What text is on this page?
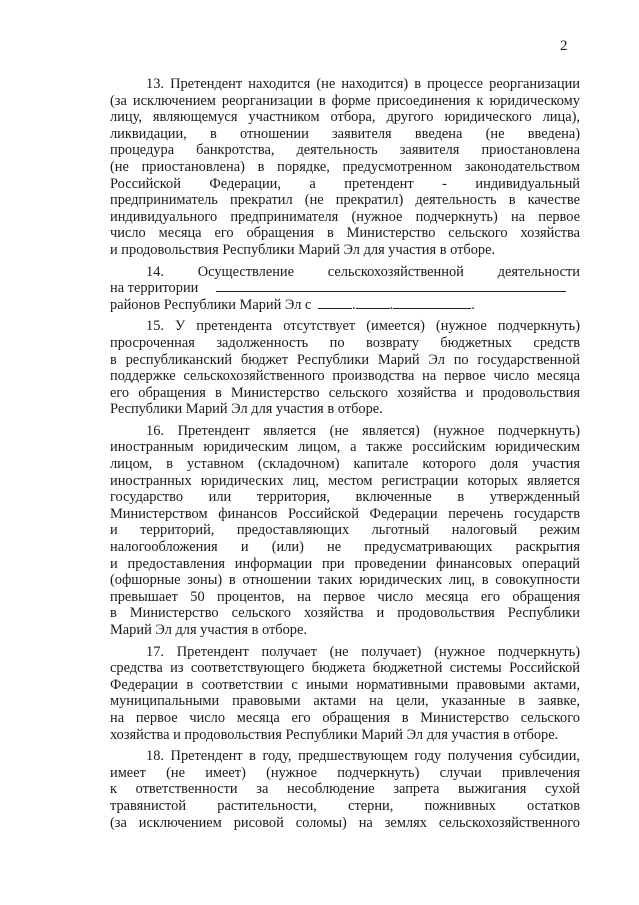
2
13. Претендент находится (не находится) в процессе реорганизации
(за исключением реорганизации в форме присоединения к юридическому
лицу, являющемуся участником отбора, другого юридического лица),
ликвидации, в отношении заявителя введена (не введена)
процедура банкротства, деятельность заявителя приостановлена
(не приостановлена) в порядке, предусмотренном законодательством
Российской Федерации, а претендент - индивидуальный
предприниматель прекратил (не прекратил) деятельность в качестве
индивидуального предпринимателя (нужное подчеркнуть) на первое
число месяца его обращения в Министерство сельского хозяйства
и продовольствия Республики Марий Эл для участия в отборе.
14. Осуществление сельскохозяйственной деятельности
на территории
районов Республики Марий Эл с	. .	.
15. У претендента отсутствует (имеется) (нужное подчеркнуть)
просроченная задолженность по возврату бюджетных средств
в республиканский бюджет Республики Марий Эл по государственной
поддержке сельскохозяйственного производства на первое число месяца
его обращения в Министерство сельского хозяйства и продовольствия
Республики Марий Эл для участия в отборе.
16. Претендент является (не является) (нужное подчеркнуть)
иностранным юридическим лицом, а также российским юридическим
лицом, в уставном (складочном) капитале которого доля участия
иностранных юридических лиц, местом регистрации которых является
государство или территория, включенные в утвержденный
Министерством финансов Российской Федерации перечень государств
и территорий, предоставляющих льготный налоговый режим
налогообложения и (или) не предусматривающих раскрытия
и предоставления информации при проведении финансовых операций
(офшорные зоны) в отношении таких юридических лиц, в совокупности
превышает 50 процентов, на первое число месяца его обращения
в Министерство сельского хозяйства и продовольствия Республики
Марий Эл для участия в отборе.
17. Претендент получает (не получает) (нужное подчеркнуть)
средства из соответствующего бюджета бюджетной системы Российской
Федерации в соответствии с иными нормативными правовыми актами,
муниципальными правовыми актами на цели, указанные в заявке,
на первое число месяца его обращения в Министерство сельского
хозяйства и продовольствия Республики Марий Эл для участия в отборе.
18. Претендент в году, предшествующем году получения субсидии,
имеет (не имеет) (нужное подчеркнуть) случаи привлечения
к ответственности за несоблюдение запрета выжигания сухой
травянистой растительности, стерни, пожнивных остатков
(за исключением рисовой соломы) на землях сельскохозяйственного
